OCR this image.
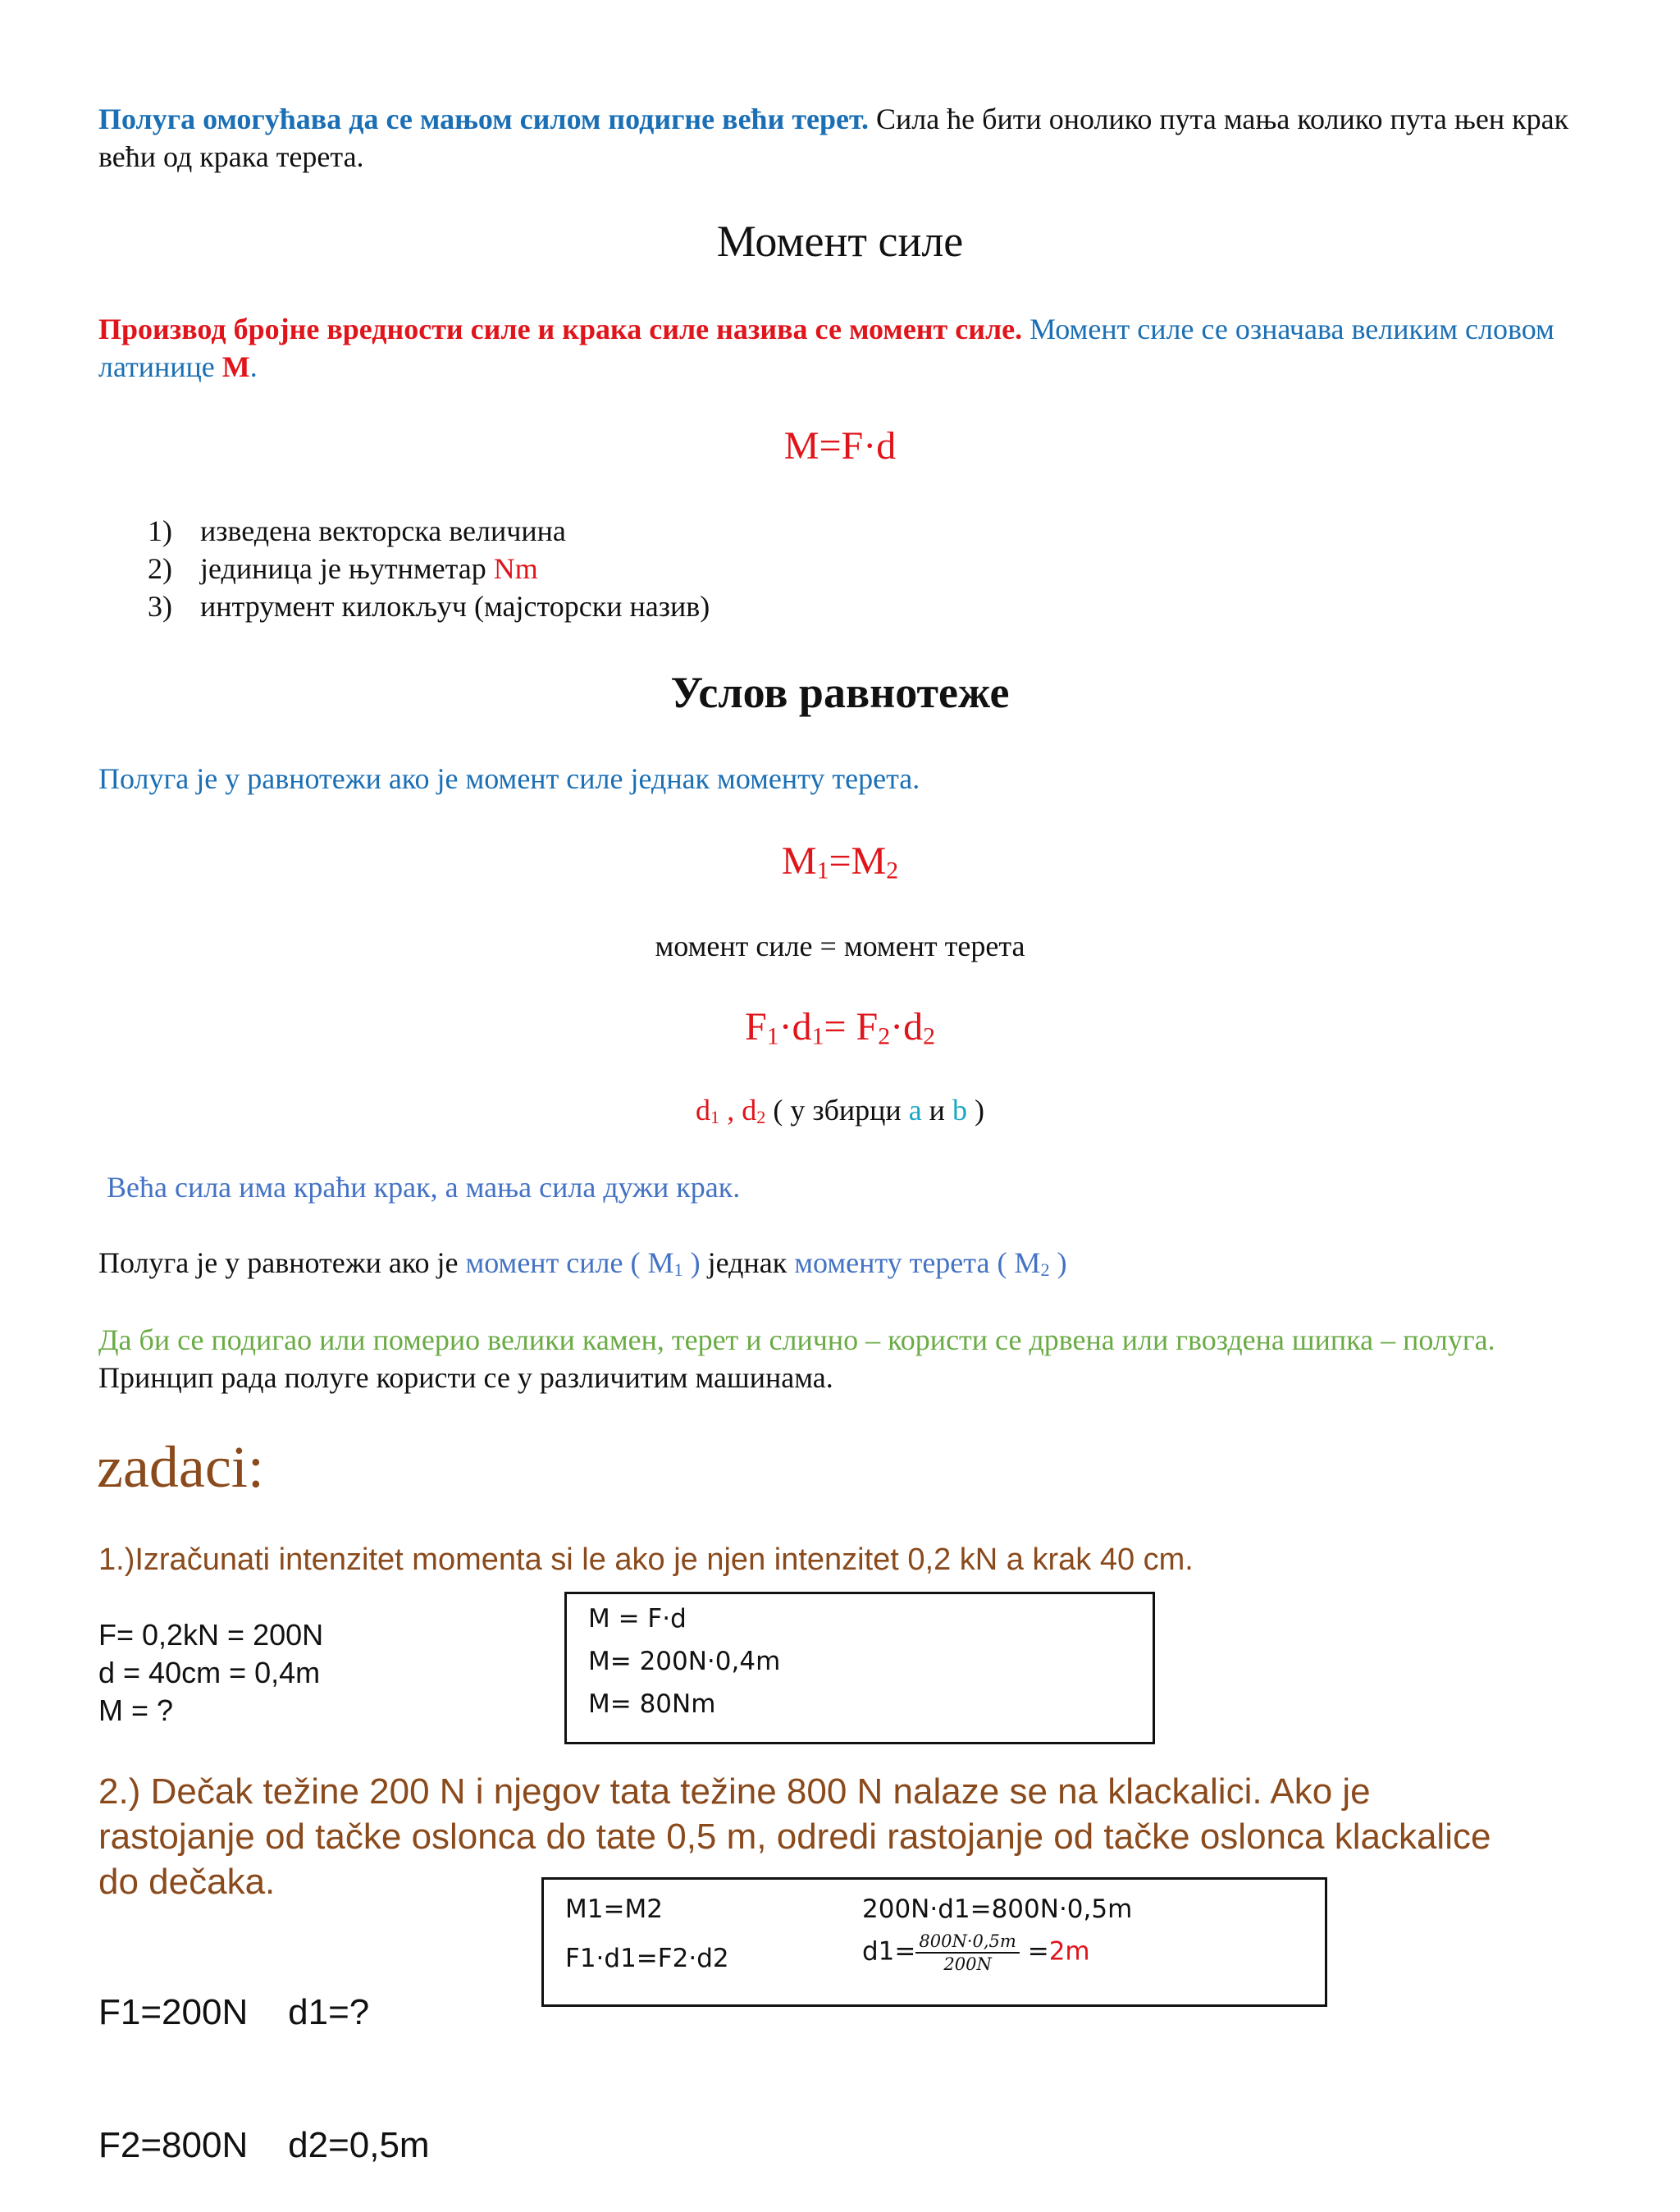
Полуга омогућава да се мањом силом подигне већи терет. Сила ће бити онолико пута мања колико пута њен крак већи од крака терета.
Момент силе
Производ бројне вредности силе и крака силе назива се момент силе. Момент силе се означава великим словом латинице M.
M=F·d
1) изведена векторска величина
2) јединица је њутнметар Nm
3) интрумент килокључ (мајсторски назив)
Услов равнотеже
Полуга је у равнотежи ако је момент силе једнак моменту терета.
$M_1=M_2$
момент силе = момент терета
$F_1\cdot d_1= F_2\cdot d_2$
$d_1$ , $d_2$ ( у збирци a и b )
Већа сила има краћи крак, а мања сила дужи крак.
Полуга је у равнотежи ако је момент силе ( $M_1$ ) једнак моменту терета ( $M_2$ )
Да би се подигао или померио велики камен, терет и слично – користи се дрвена или гвоздена шипка – полуга. Принцип рада полуге користи се у различитим машинама.
zadaci:
1.)Izračunati intenzitet momenta si le ako je njen intenzitet 0,2 kN a krak 40 cm.
F= 0,2kN = 200N
d = 40cm = 0,4m
M = ?
M = F·d
M= 200N·0,4m
M= 80Nm
2.) Dečak težine 200 N i njegov tata težine 800 N nalaze se na klackalici. Ako je rastojanje od tačke oslonca do tate 0,5 m, odredi rastojanje od tačke oslonca klackalice do dečaka.

F1=200N    d1=?

F2=800N    d2=0,5m

M1=M2
F1·d1=F2·d2
200N·d1=800N·0,5m
$d1= \frac{800N\cdot 0,5m}{200N} =2m$
